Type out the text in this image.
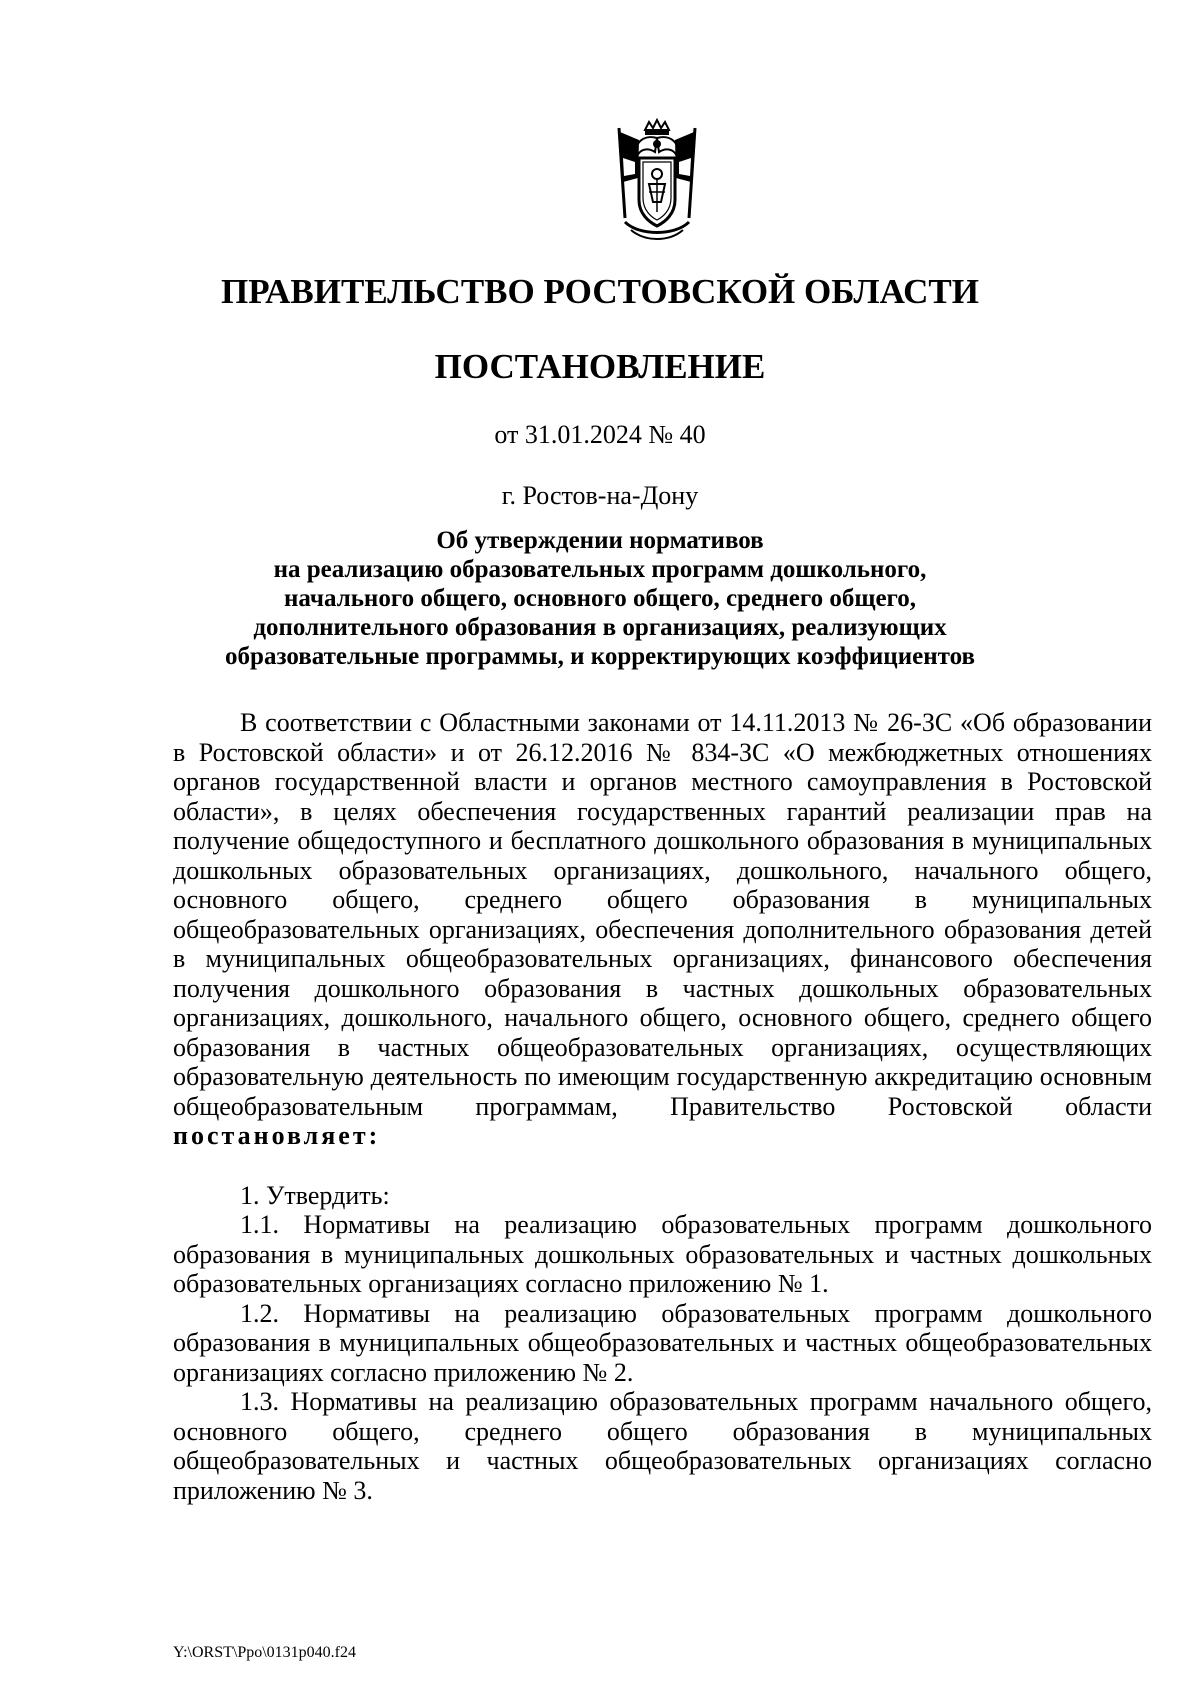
ПРАВИТЕЛЬСТВО РОСТОВСКОЙ ОБЛАСТИ
ПОСТАНОВЛЕНИЕ
от 31.01.2024 № 40
г. Ростов-на-Дону
Об утверждении нормативов
на реализацию образовательных программ дошкольного,
начального общего, основного общего, среднего общего,
дополнительного образования в организациях, реализующих
образовательные программы, и корректирующих коэффициентов

В соответствии с Областными законами от 14.11.2013 № 26-ЗС «Об образовании в Ростовской области» и от 26.12.2016 № 834-ЗС «О межбюджетных отношениях органов государственной власти и органов местного самоуправления в Ростовской области», в целях обеспечения государственных гарантий реализации прав на получение общедоступного и бесплатного дошкольного образования в муниципальных дошкольных образовательных организациях, дошкольного, начального общего, основного общего, среднего общего образования в муниципальных общеобразовательных организациях, обеспечения дополнительного образования детей в муниципальных общеобразовательных организациях, финансового обеспечения получения дошкольного образования в частных дошкольных образовательных организациях, дошкольного, начального общего, основного общего, среднего общего образования в частных общеобразовательных организациях, осуществляющих образовательную деятельность по имеющим государственную аккредитацию основным общеобразовательным программам, Правительство Ростовской области постановляет:

1. Утвердить:

1.1. Нормативы на реализацию образовательных программ дошкольного образования в муниципальных дошкольных образовательных и частных дошкольных образовательных организациях согласно приложению № 1.

1.2. Нормативы на реализацию образовательных программ дошкольного образования в муниципальных общеобразовательных и частных общеобразовательных организациях согласно приложению № 2.

1.3. Нормативы на реализацию образовательных программ начального общего, основного общего, среднего общего образования в муниципальных общеобразовательных и частных общеобразовательных организациях согласно приложению № 3.

Y:\ORST\Ppo\0131p040.f24
